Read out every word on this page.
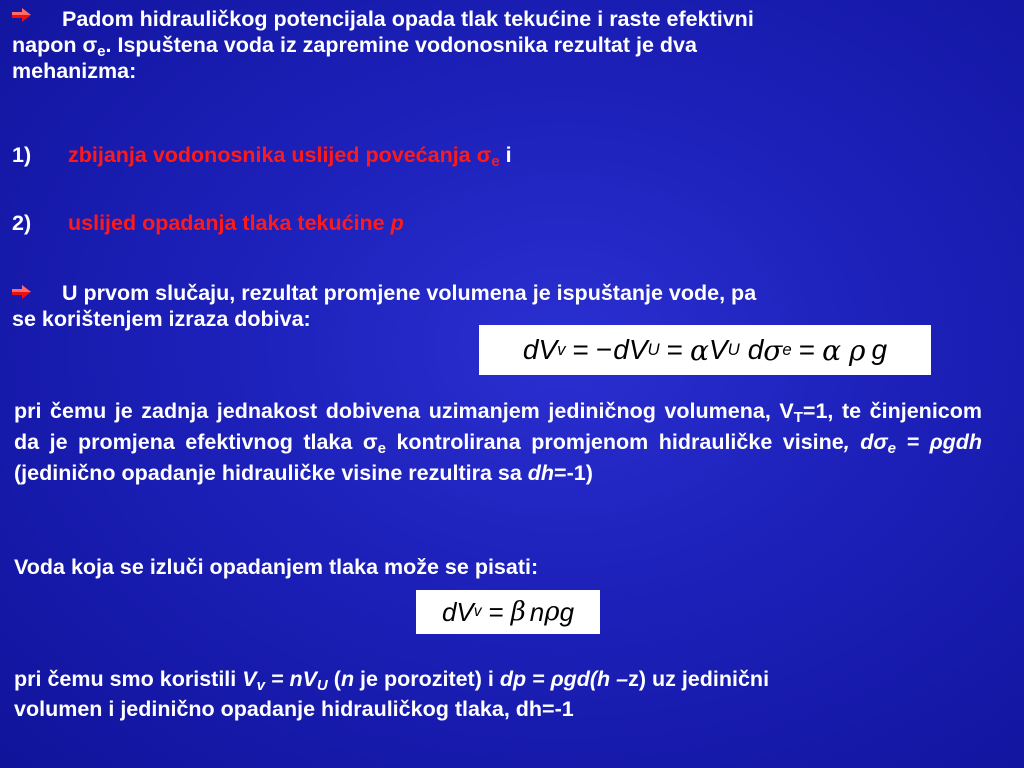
Padom hidrauličkog potencijala opada tlak tekućine i raste efektivni
napon $\sigma_e$. Ispuštena voda iz zapremine vodonosnika rezultat je dva
mehanizma:
1) zbijanja vodonosnika uslijed povećanja $\sigma_e$ i
2) uslijed opadanja tlaka tekućine p
U prvom slučaju, rezultat promjene volumena je ispuštanje vode, pa
se korištenjem izraza dobiva:
dV v = − dV U = α V U d σ e = α ρ g
pri čemu je zadnja jednakost dobivena uzimanjem jediničnog volumena, $V_T=1$, te činjenicom da je promjena efektivnog tlaka $\sigma_e$ kontrolirana promjenom hidrauličke visine, $d\sigma_e = \rho gdh$ (jedinično opadanje hidrauličke visine rezultira sa dh=-1)
Voda koja se izluči opadanjem tlaka može se pisati:
dV v = β n ρ g
pri čemu smo koristili $V_v = nV_U$ (n je porozitet) i dp = ρgd(h –z) uz jedinični
volumen i jedinično opadanje hidrauličkog tlaka, dh=-1
